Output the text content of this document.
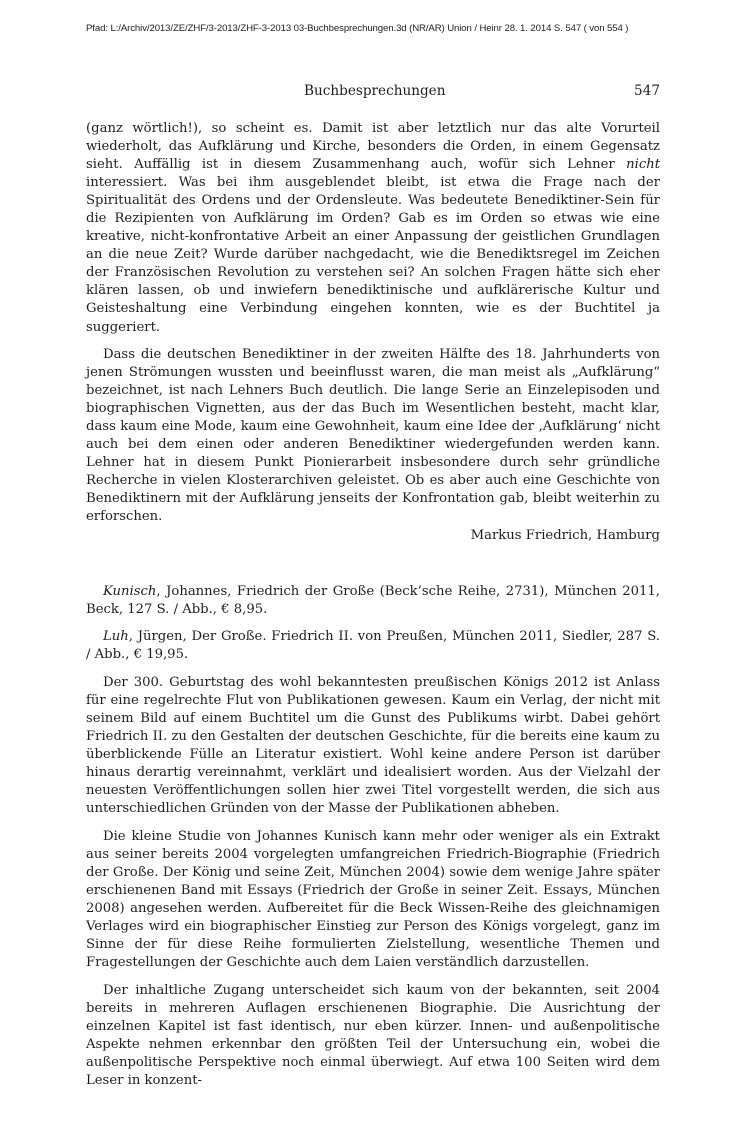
Pfad: L:/Archiv/2013/ZE/ZHF/3-2013/ZHF-3-2013 03-Buchbesprechungen.3d (NR/AR) Union / Heinr 28. 1. 2014 S. 547 ( von 554 )
Buchbesprechungen	547

(ganz wörtlich!), so scheint es. Damit ist aber letztlich nur das alte Vorurteil wiederholt, das Aufklärung und Kirche, besonders die Orden, in einem Gegensatz sieht. Auffällig ist in diesem Zusammenhang auch, wofür sich Lehner nicht interessiert. Was bei ihm ausgeblendet bleibt, ist etwa die Frage nach der Spiritualität des Ordens und der Ordensleute. Was bedeutete Benediktiner-Sein für die Rezipienten von Aufklärung im Orden? Gab es im Orden so etwas wie eine kreative, nicht-konfrontative Arbeit an einer Anpassung der geistlichen Grundlagen an die neue Zeit? Wurde darüber nachgedacht, wie die Benediktsregel im Zeichen der Französischen Revolution zu verstehen sei? An solchen Fragen hätte sich eher klären lassen, ob und inwiefern benediktinische und aufklärerische Kultur und Geisteshaltung eine Verbindung eingehen konnten, wie es der Buchtitel ja suggeriert.

Dass die deutschen Benediktiner in der zweiten Hälfte des 18. Jahrhunderts von jenen Strömungen wussten und beeinflusst waren, die man meist als „Aufklärung“ bezeichnet, ist nach Lehners Buch deutlich. Die lange Serie an Einzelepisoden und biographischen Vignetten, aus der das Buch im Wesentlichen besteht, macht klar, dass kaum eine Mode, kaum eine Gewohnheit, kaum eine Idee der ‚Aufklärung‘ nicht auch bei dem einen oder anderen Benediktiner wiedergefunden werden kann. Lehner hat in diesem Punkt Pionierarbeit insbesondere durch sehr gründliche Recherche in vielen Klosterarchiven geleistet. Ob es aber auch eine Geschichte von Benediktinern mit der Aufklärung jenseits der Konfrontation gab, bleibt weiterhin zu erforschen.

Markus Friedrich, Hamburg

Kunisch, Johannes, Friedrich der Große (Beck’sche Reihe, 2731), München 2011, Beck, 127 S. / Abb., € 8,95.

Luh, Jürgen, Der Große. Friedrich II. von Preußen, München 2011, Siedler, 287 S. / Abb., € 19,95.

Der 300. Geburtstag des wohl bekanntesten preußischen Königs 2012 ist Anlass für eine regelrechte Flut von Publikationen gewesen. Kaum ein Verlag, der nicht mit seinem Bild auf einem Buchtitel um die Gunst des Publikums wirbt. Dabei gehört Friedrich II. zu den Gestalten der deutschen Geschichte, für die bereits eine kaum zu überblickende Fülle an Literatur existiert. Wohl keine andere Person ist darüber hinaus derartig vereinnahmt, verklärt und idealisiert worden. Aus der Vielzahl der neuesten Veröffentlichungen sollen hier zwei Titel vorgestellt werden, die sich aus unterschiedlichen Gründen von der Masse der Publikationen abheben.

Die kleine Studie von Johannes Kunisch kann mehr oder weniger als ein Extrakt aus seiner bereits 2004 vorgelegten umfangreichen Friedrich-Biographie (Friedrich der Große. Der König und seine Zeit, München 2004) sowie dem wenige Jahre später erschienenen Band mit Essays (Friedrich der Große in seiner Zeit. Essays, München 2008) angesehen werden. Aufbereitet für die Beck Wissen-Reihe des gleichnamigen Verlages wird ein biographischer Einstieg zur Person des Königs vorgelegt, ganz im Sinne der für diese Reihe formulierten Zielstellung, wesentliche Themen und Fragestellungen der Geschichte auch dem Laien verständlich darzustellen.

Der inhaltliche Zugang unterscheidet sich kaum von der bekannten, seit 2004 bereits in mehreren Auflagen erschienenen Biographie. Die Ausrichtung der einzelnen Kapitel ist fast identisch, nur eben kürzer. Innen- und außenpolitische Aspekte nehmen erkennbar den größten Teil der Untersuchung ein, wobei die außenpolitische Perspektive noch einmal überwiegt. Auf etwa 100 Seiten wird dem Leser in konzent-
